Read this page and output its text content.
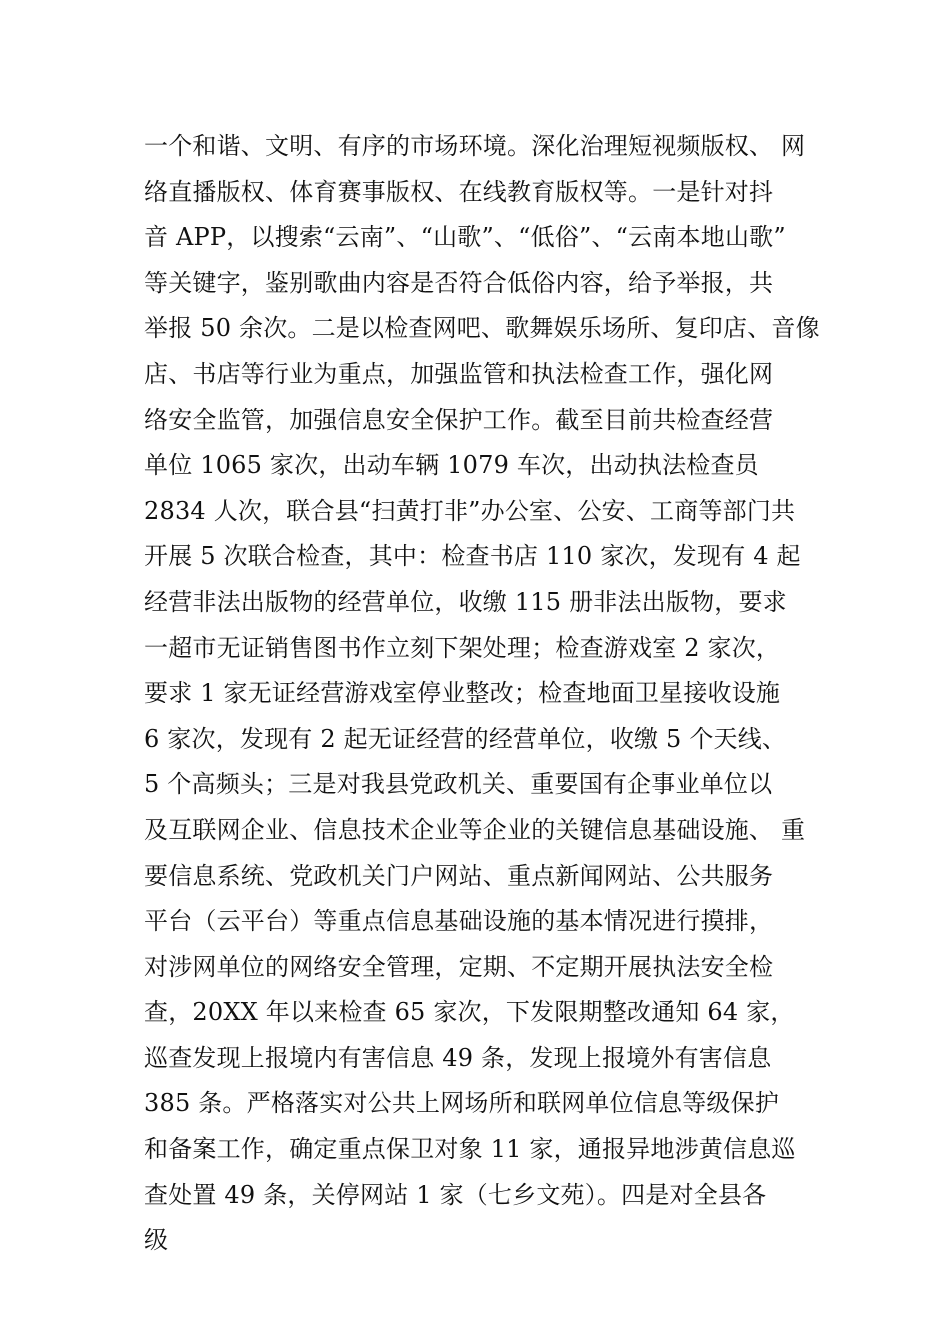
一个和谐、文明、有序的市场环境。深化治理短视频版权、 网
络直播版权、体育赛事版权、在线教育版权等。一是针对抖
音 APP，以搜索“云南”、“山歌”、“低俗”、“云南本地山歌”
等关键字，鉴别歌曲内容是否符合低俗内容，给予举报，共
举报 50 余次。二是以检查网吧、歌舞娱乐场所、复印店、音像
店、书店等行业为重点，加强监管和执法检查工作，强化网
络安全监管，加强信息安全保护工作。截至目前共检查经营
单位 1065 家次，出动车辆 1079 车次，出动执法检查员
2834 人次，联合县“扫黄打非”办公室、公安、工商等部门共
开展 5 次联合检查，其中：检查书店 110 家次，发现有 4 起
经营非法出版物的经营单位，收缴 115 册非法出版物，要求
一超市无证销售图书作立刻下架处理；检查游戏室 2 家次，
要求 1 家无证经营游戏室停业整改；检查地面卫星接收设施
6 家次，发现有 2 起无证经营的经营单位，收缴 5 个天线、
5 个高频头；三是对我县党政机关、重要国有企事业单位以
及互联网企业、信息技术企业等企业的关键信息基础设施、 重
要信息系统、党政机关门户网站、重点新闻网站、公共服务
平台（云平台）等重点信息基础设施的基本情况进行摸排，
对涉网单位的网络安全管理，定期、不定期开展执法安全检
查，20XX 年以来检查 65 家次，下发限期整改通知 64 家，
巡查发现上报境内有害信息 49 条，发现上报境外有害信息
385 条。严格落实对公共上网场所和联网单位信息等级保护
和备案工作，确定重点保卫对象 11 家，通报异地涉黄信息巡
查处置 49 条，关停网站 1 家（七乡文苑）。四是对全县各
级
